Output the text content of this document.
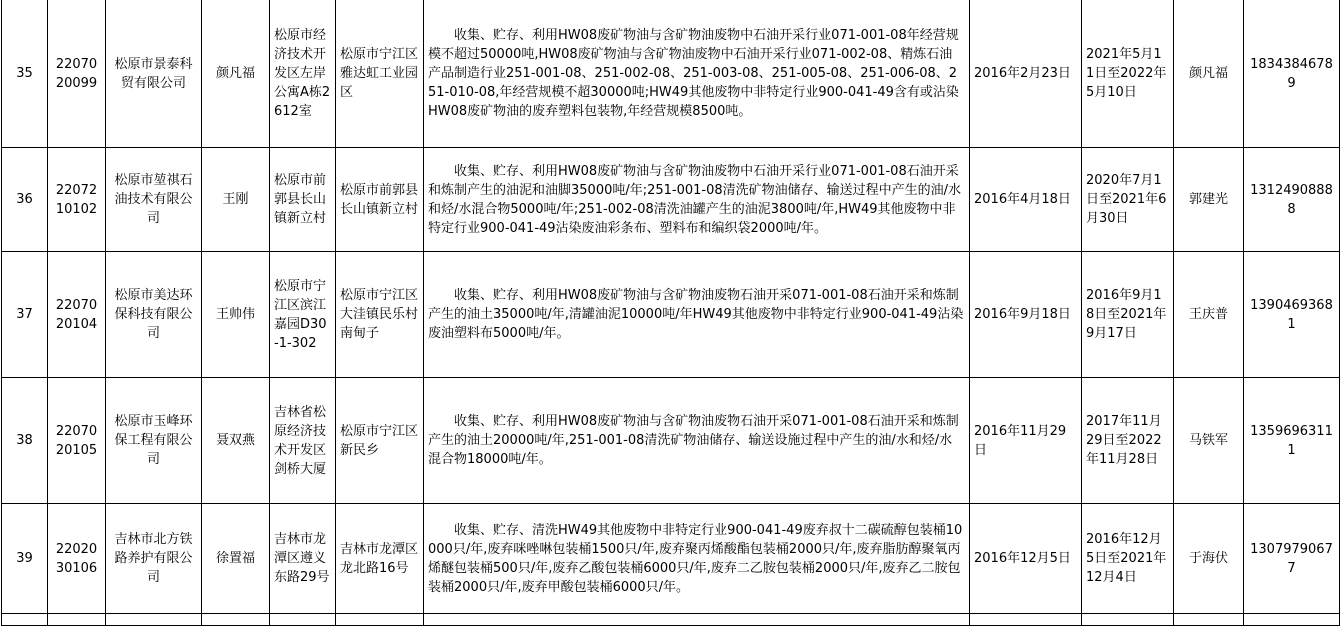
35	2207020099	松原市景泰科贸有限公司	颜凡福	松原市经济技术开发区左岸公寓A栋2612室	松原市宁江区雅达虹工业园区	收集、贮存、利用HW08废矿物油与含矿物油废物中石油开采行业071-001-08年经营规模不超过50000吨,HW08废矿物油与含矿物油废物中石油开采行业071-002-08、精炼石油产品制造行业251-001-08、251-002-08、251-003-08、251-005-08、251-006-08、251-010-08,年经营规模不超30000吨;HW49其他废物中非特定行业900-041-49含有或沾染HW08废矿物油的废弃塑料包装物,年经营规模8500吨。	2016年2月23日	2021年5月11日至2022年5月10日	颜凡福	18343846789
36	2207210102	松原市堃祺石油技术有限公司	王刚	松原市前郭县长山镇新立村	松原市前郭县长山镇新立村	收集、贮存、利用HW08废矿物油与含矿物油废物中石油开采行业071-001-08石油开采和炼制产生的油泥和油脚35000吨/年;251-001-08清洗矿物油储存、输送过程中产生的油/水和烃/水混合物5000吨/年;251-002-08清洗油罐产生的油泥3800吨/年,HW49其他废物中非特定行业900-041-49沾染废油彩条布、塑料布和编织袋2000吨/年。	2016年4月18日	2020年7月1日至2021年6月30日	郭建光	13124908888
37	2207020104	松原市美达环保科技有限公司	王帅伟	松原市宁江区滨江嘉园D30-1-302	松原市宁江区大洼镇民乐村南甸子	收集、贮存、利用HW08废矿物油与含矿物油废物石油开采071-001-08石油开采和炼制产生的油土35000吨/年,清罐油泥10000吨/年HW49其他废物中非特定行业900-041-49沾染废油塑料布5000吨/年。	2016年9月18日	2016年9月18日至2021年9月17日	王庆普	13904693681
38	2207020105	松原市玉峰环保工程有限公司	聂双燕	吉林省松原经济技术开发区剑桥大厦	松原市宁江区新民乡	收集、贮存、利用HW08废矿物油与含矿物油废物石油开采071-001-08石油开采和炼制产生的油土20000吨/年,251-001-08清洗矿物油储存、输送设施过程中产生的油/水和烃/水混合物18000吨/年。	2016年11月29日	2017年11月29日至2022年11月28日	马铁军	13596963111
39	2202030106	吉林市北方铁路养护有限公司	徐置福	吉林市龙潭区遵义东路29号	吉林市龙潭区龙北路16号	收集、贮存、清洗HW49其他废物中非特定行业900-041-49废弃叔十二碳硫醇包装桶10000只/年,废弃咪唑啉包装桶1500只/年,废弃聚丙烯酸酯包装桶2000只/年,废弃脂肪醇聚氧丙烯醚包装桶500只/年,废弃乙酸包装桶6000只/年,废弃二乙胺包装桶2000只/年,废弃乙二胺包装桶2000只/年,废弃甲酸包装桶6000只/年。	2016年12月5日	2016年12月5日至2021年12月4日	于海伏	13079790677
